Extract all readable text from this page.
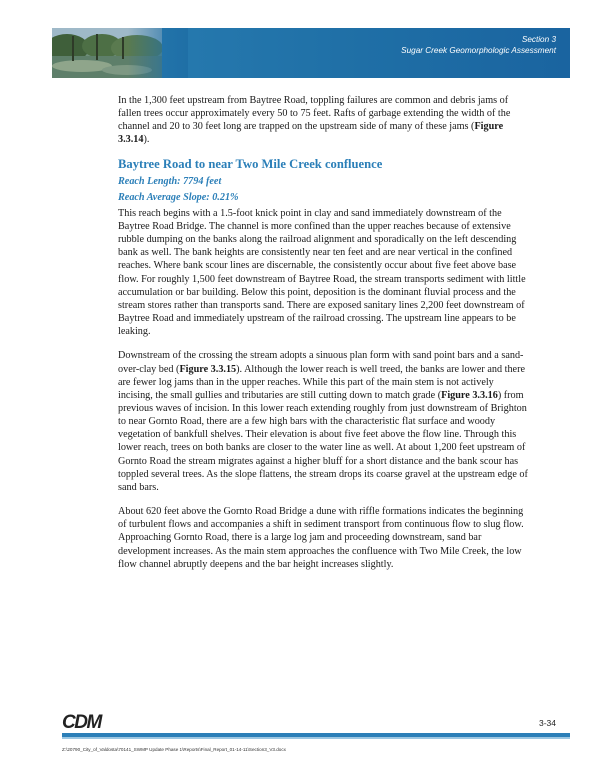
Section 3
Sugar Creek Geomorphologic Assessment

In the 1,300 feet upstream from Baytree Road, toppling failures are common and debris jams of fallen trees occur approximately every 50 to 75 feet. Rafts of garbage extending the width of the channel and 20 to 30 feet long are trapped on the upstream side of many of these jams (Figure 3.3.14).

Baytree Road to near Two Mile Creek confluence
Reach Length: 7794 feet
Reach Average Slope: 0.21%

This reach begins with a 1.5-foot knick point in clay and sand immediately downstream of the Baytree Road Bridge. The channel is more confined than the upper reaches because of extensive rubble dumping on the banks along the railroad alignment and sporadically on the left descending bank as well. The bank heights are consistently near ten feet and are near vertical in the confined reaches. Where bank scour lines are discernable, the consistently occur about five feet above base flow. For roughly 1,500 feet downstream of Baytree Road, the stream transports sediment with little accumulation or bar building. Below this point, deposition is the dominant fluvial process and the stream stores rather than transports sand. There are exposed sanitary lines 2,200 feet downstream of Baytree Road and immediately upstream of the railroad crossing. The upstream line appears to be leaking.

Downstream of the crossing the stream adopts a sinuous plan form with sand point bars and a sand-over-clay bed (Figure 3.3.15). Although the lower reach is well treed, the banks are lower and there are fewer log jams than in the upper reaches. While this part of the main stem is not actively incising, the small gullies and tributaries are still cutting down to match grade (Figure 3.3.16) from previous waves of incision. In this lower reach extending roughly from just downstream of Brighton to near Gornto Road, there are a few high bars with the characteristic flat surface and woody vegetation of bankfull shelves. Their elevation is about five feet above the flow line. Through this lower reach, trees on both banks are closer to the water line as well. At about 1,200 feet upstream of Gornto Road the stream migrates against a higher bluff for a short distance and the bank scour has toppled several trees. As the slope flattens, the stream drops its coarse gravel at the upstream edge of sand bars.

About 620 feet above the Gornto Road Bridge a dune with riffle formations indicates the beginning of turbulent flows and accompanies a shift in sediment transport from continuous flow to slug flow. Approaching Gornto Road, there is a large log jam and proceeding downstream, sand bar development increases. As the main stem approaches the confluence with Two Mile Creek, the low flow channel abruptly deepens and the bar height increases slightly.

CDM	3-34
Z:\20790_City_of_Valdosta\70141_SWMP Update Phase 1\Reports\Final_Report_01-14-11\Section3_V3.docx
